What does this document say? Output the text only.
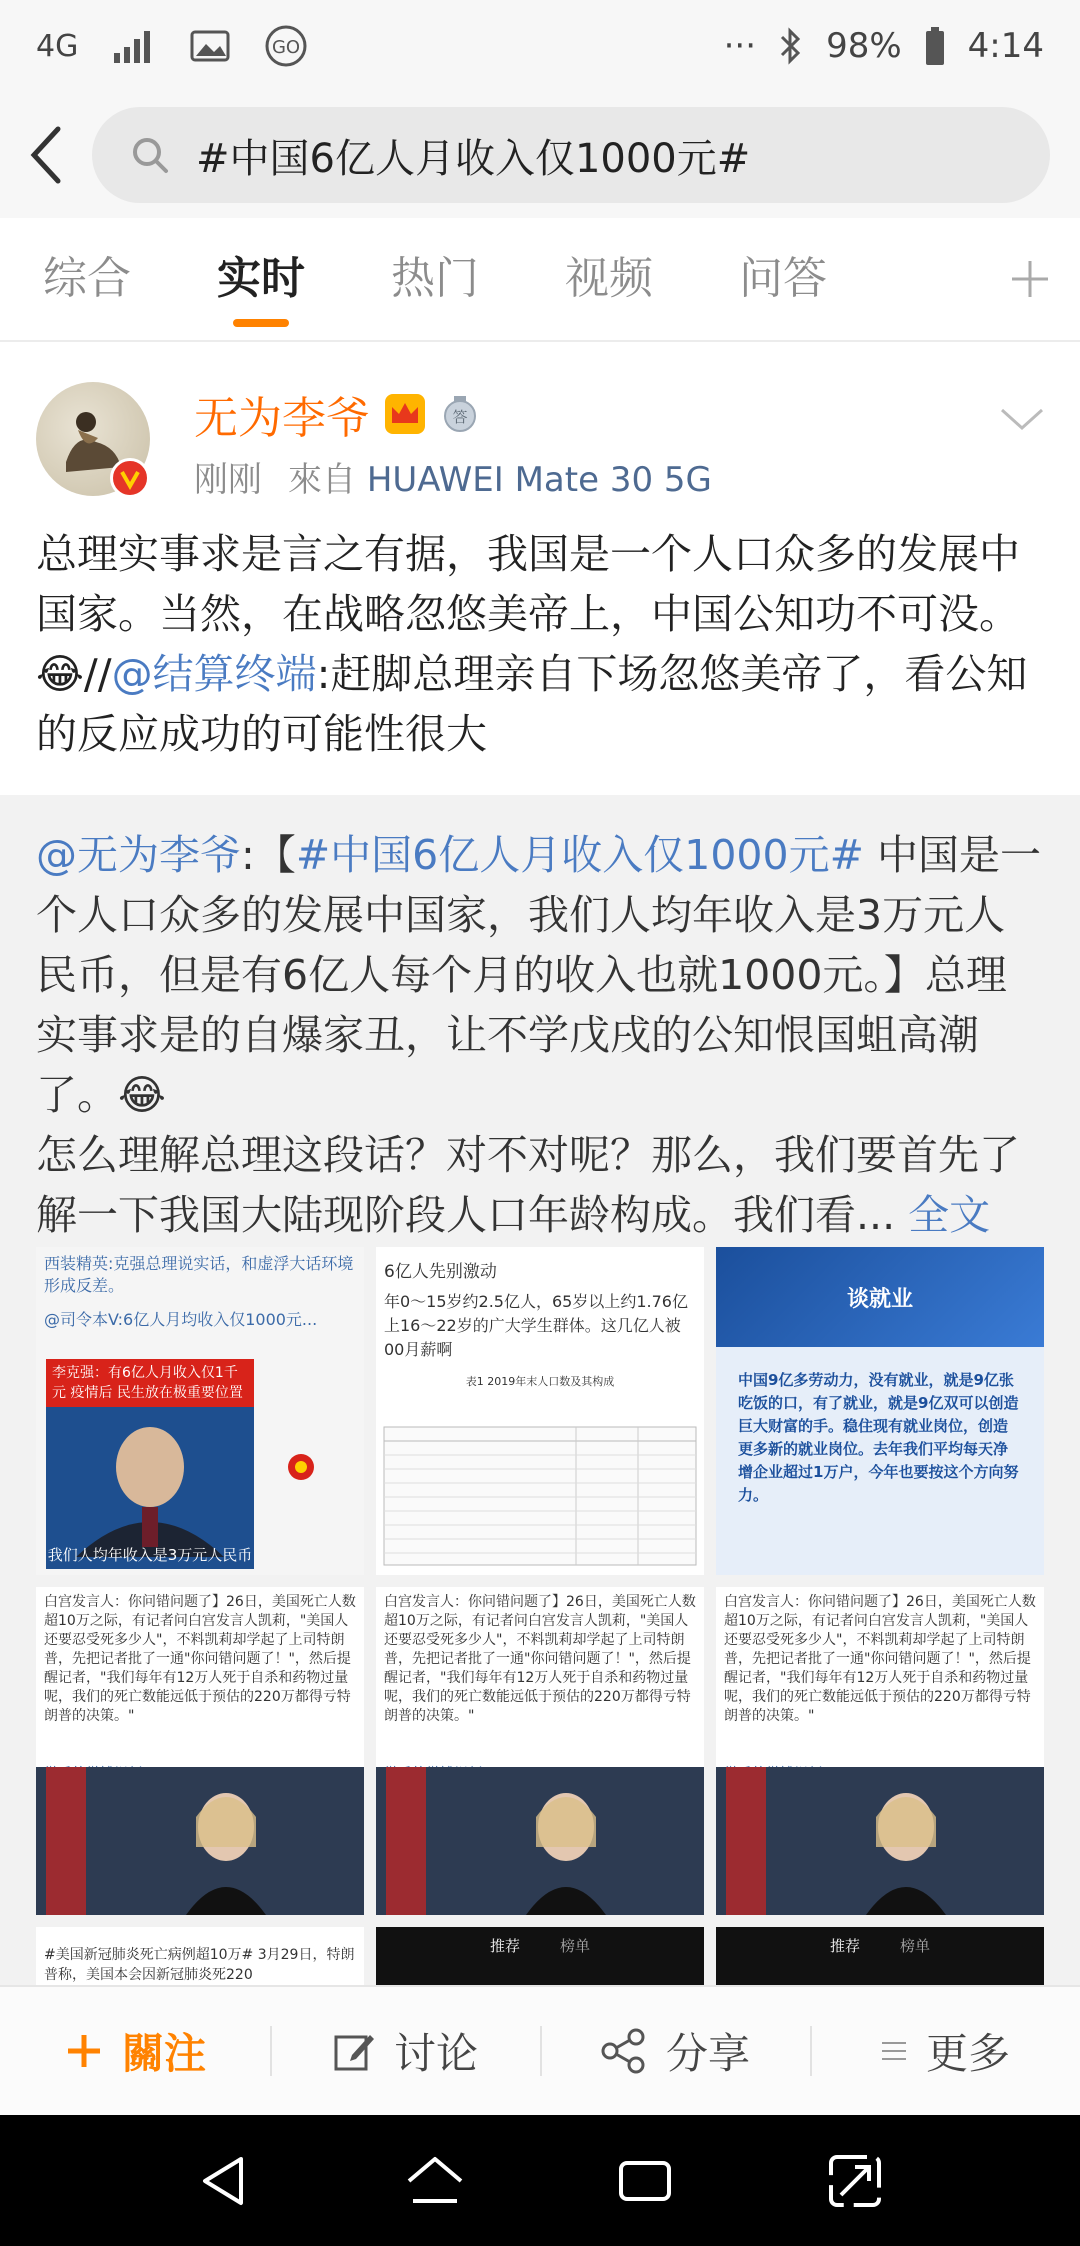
4G	GO	··· 98% 4:14
#中国6亿人月收入仅1000元#
综合	实时	热门	视频	问答
无为李爷	答
刚刚 來自 HUAWEI Mate 30 5G
总理实事求是言之有据，我国是一个人口众多的发展中国家。当然，在战略忽悠美帝上，中国公知功不可没。😂//@结算终端:赶脚总理亲自下场忽悠美帝了，看公知的反应成功的可能性很大
@无为李爷:【#中国6亿人月收入仅1000元# 中国是一个人口众多的发展中国家，我们人均年收入是3万元人民币，但是有6亿人每个月的收入也就1000元。】总理实事求是的自爆家丑，让不学戊戌的公知恨国蛆高潮了。😂
怎么理解总理这段话？对不对呢？那么，我们要首先了解一下我国大陆现阶段人口年龄构成。我们看... 全文
西装精英:克强总理说实话，和虚浮大话环境形成反差。
@司令本V:6亿人月均收入仅1000元...
李克强：有6亿人月收入仅1千元 疫情后 民生放在极重要位置
我们人均年收入是3万元人民币
6亿人先别激动
年0～15岁约2.5亿人，65岁以上约1.76亿
上16～22岁的广大学生群体。这几亿人被
00月薪啊
表1 2019年末人口数及其构成
谈就业
中国9亿多劳动力，没有就业，就是9亿张吃饭的口，有了就业，就是9亿双可以创造巨大财富的手。稳住现有就业岗位，创造更多新的就业岗位。去年我们平均每天净增企业超过1万户，今年也要按这个方向努力。
白宫发言人：你问错问题了】26日，美国死亡人数超10万之际，有记者问白宫发言人凯莉，"美国人还要忍受死多少人"，不料凯莉却学起了上司特朗普，先把记者批了一通"你问错问题了！"，然后提醒记者，"我们每年有12万人死于自杀和药物过量呢，我们的死亡数能远低于预估的220万都得亏特朗普的决策。"
白宫发言人：你问错问题了】26日，美国死亡人数超10万之际，有记者问白宫发言人凯莉，"美国人还要忍受死多少人"，不料凯莉却学起了上司特朗普，先把记者批了一通"你问错问题了！"，然后提醒记者，"我们每年有12万人死于自杀和药物过量呢，我们的死亡数能远低于预估的220万都得亏特朗普的决策。"
白宫发言人：你问错问题了】26日，美国死亡人数超10万之际，有记者问白宫发言人凯莉，"美国人还要忍受死多少人"，不料凯莉却学起了上司特朗普，先把记者批了一通"你问错问题了！"，然后提醒记者，"我们每年有12万人死于自杀和药物过量呢，我们的死亡数能远低于预估的220万都得亏特朗普的决策。"
#美国新冠肺炎死亡病例超10万# 3月29日，特朗普称，美国本会因新冠肺炎死220
推荐	榜单	推荐	榜单
關注	讨论	分享	更多
